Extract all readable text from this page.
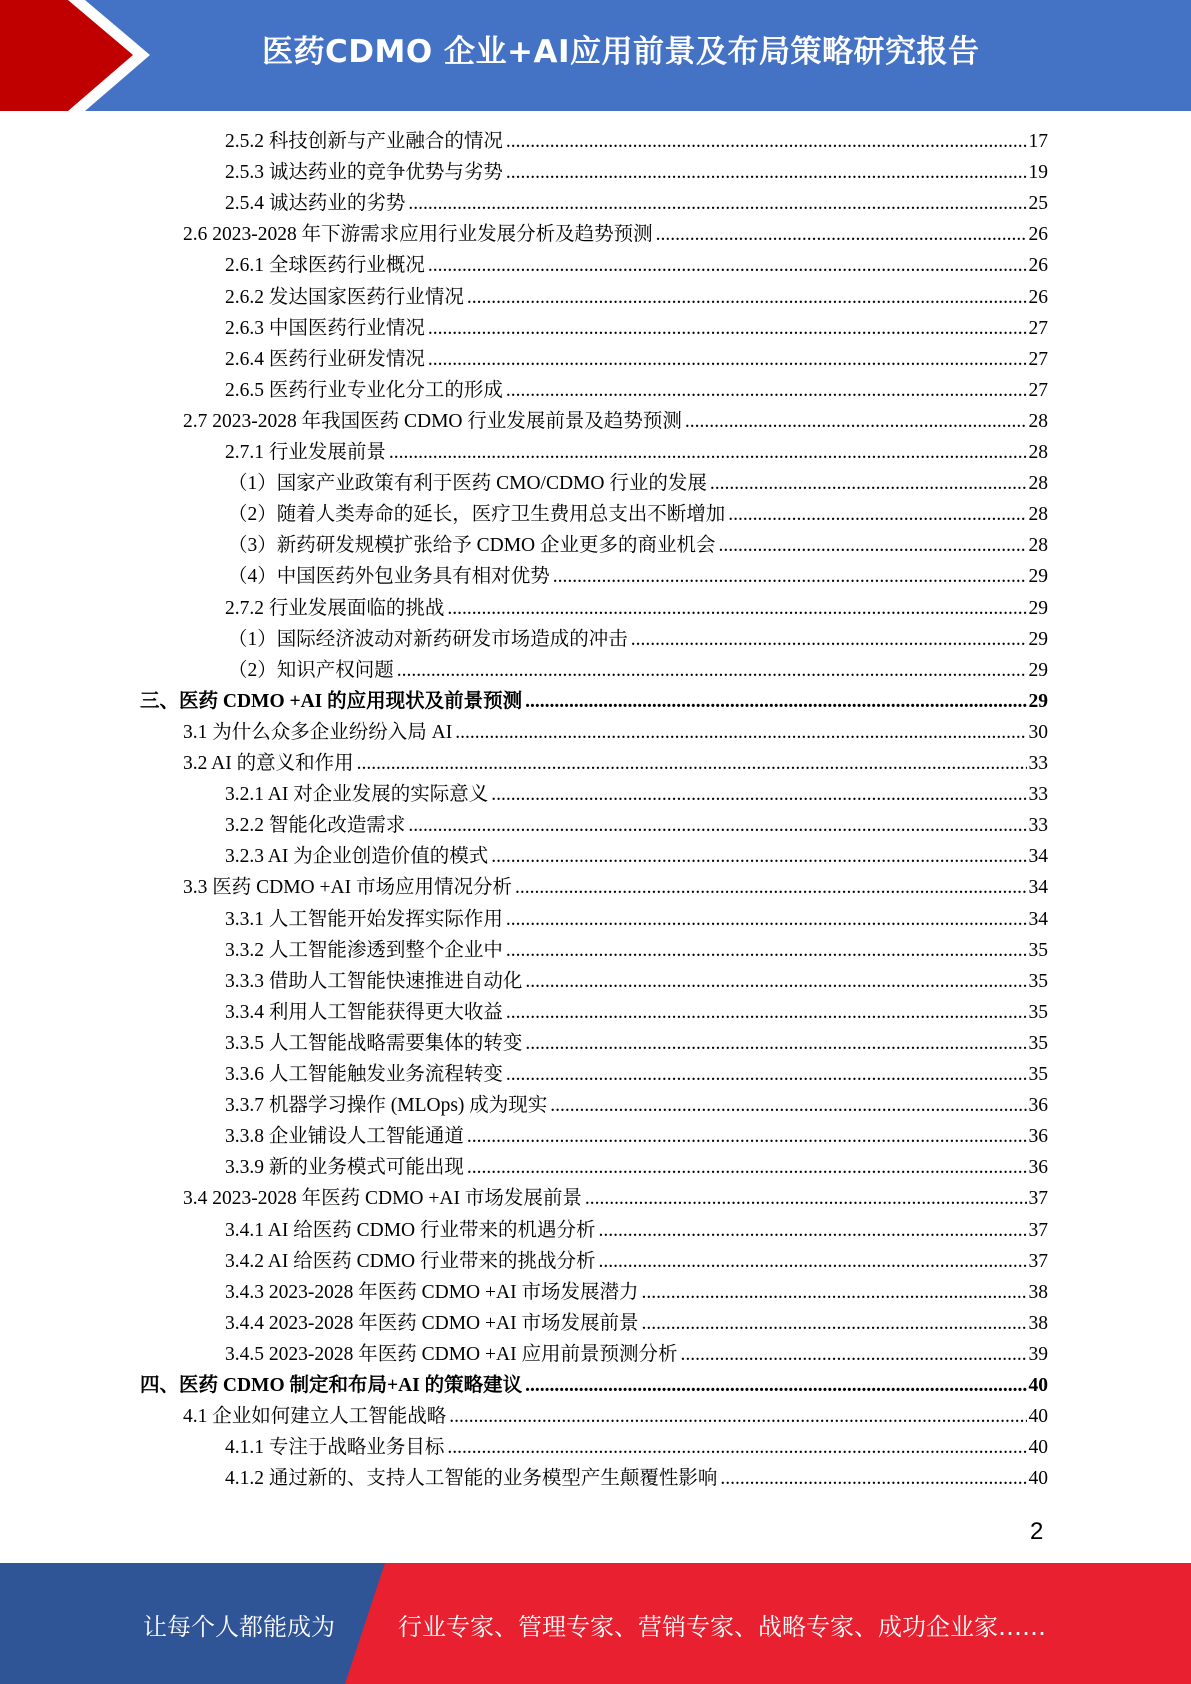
医药CDMO 企业+AI应用前景及布局策略研究报告
2.5.2 科技创新与产业融合的情况 .....	17
2.5.3 诚达药业的竞争优势与劣势 .....	19
2.5.4 诚达药业的劣势 .....	25
2.6 2023-2028 年下游需求应用行业发展分析及趋势预测 .....	26
2.6.1 全球医药行业概况 .....	26
2.6.2 发达国家医药行业情况 .....	26
2.6.3 中国医药行业情况 .....	27
2.6.4 医药行业研发情况 .....	27
2.6.5 医药行业专业化分工的形成 .....	27
2.7 2023-2028 年我国医药 CDMO 行业发展前景及趋势预测 .....	28
2.7.1 行业发展前景 .....	28
（1）国家产业政策有利于医药 CMO/CDMO 行业的发展 .....	28
（2）随着人类寿命的延长，医疗卫生费用总支出不断增加 .....	28
（3）新药研发规模扩张给予 CDMO 企业更多的商业机会 .....	28
（4）中国医药外包业务具有相对优势 .....	29
2.7.2 行业发展面临的挑战 .....	29
（1）国际经济波动对新药研发市场造成的冲击 .....	29
（2）知识产权问题 .....	29
三、医药 CDMO +AI 的应用现状及前景预测 .....	29
3.1 为什么众多企业纷纷入局 AI .....	30
3.2 AI 的意义和作用 .....	33
3.2.1 AI 对企业发展的实际意义 .....	33
3.2.2 智能化改造需求 .....	33
3.2.3 AI 为企业创造价值的模式 .....	34
3.3 医药 CDMO +AI 市场应用情况分析 .....	34
3.3.1 人工智能开始发挥实际作用 .....	34
3.3.2 人工智能渗透到整个企业中 .....	35
3.3.3 借助人工智能快速推进自动化 .....	35
3.3.4 利用人工智能获得更大收益 .....	35
3.3.5 人工智能战略需要集体的转变 .....	35
3.3.6 人工智能触发业务流程转变 .....	35
3.3.7 机器学习操作 (MLOps) 成为现实 .....	36
3.3.8 企业铺设人工智能通道 .....	36
3.3.9 新的业务模式可能出现 .....	36
3.4 2023-2028 年医药 CDMO +AI 市场发展前景 .....	37
3.4.1 AI 给医药 CDMO 行业带来的机遇分析 .....	37
3.4.2 AI 给医药 CDMO 行业带来的挑战分析 .....	37
3.4.3 2023-2028 年医药 CDMO +AI 市场发展潜力 .....	38
3.4.4 2023-2028 年医药 CDMO +AI 市场发展前景 .....	38
3.4.5 2023-2028 年医药 CDMO +AI 应用前景预测分析 .....	39
四、医药 CDMO 制定和布局+AI 的策略建议 .....	40
4.1 企业如何建立人工智能战略 .....	40
4.1.1 专注于战略业务目标 .....	40
4.1.2 通过新的、支持人工智能的业务模型产生颠覆性影响 .....	40
2
让每个人都能成为	行业专家、管理专家、营销专家、战略专家、成功企业家……
